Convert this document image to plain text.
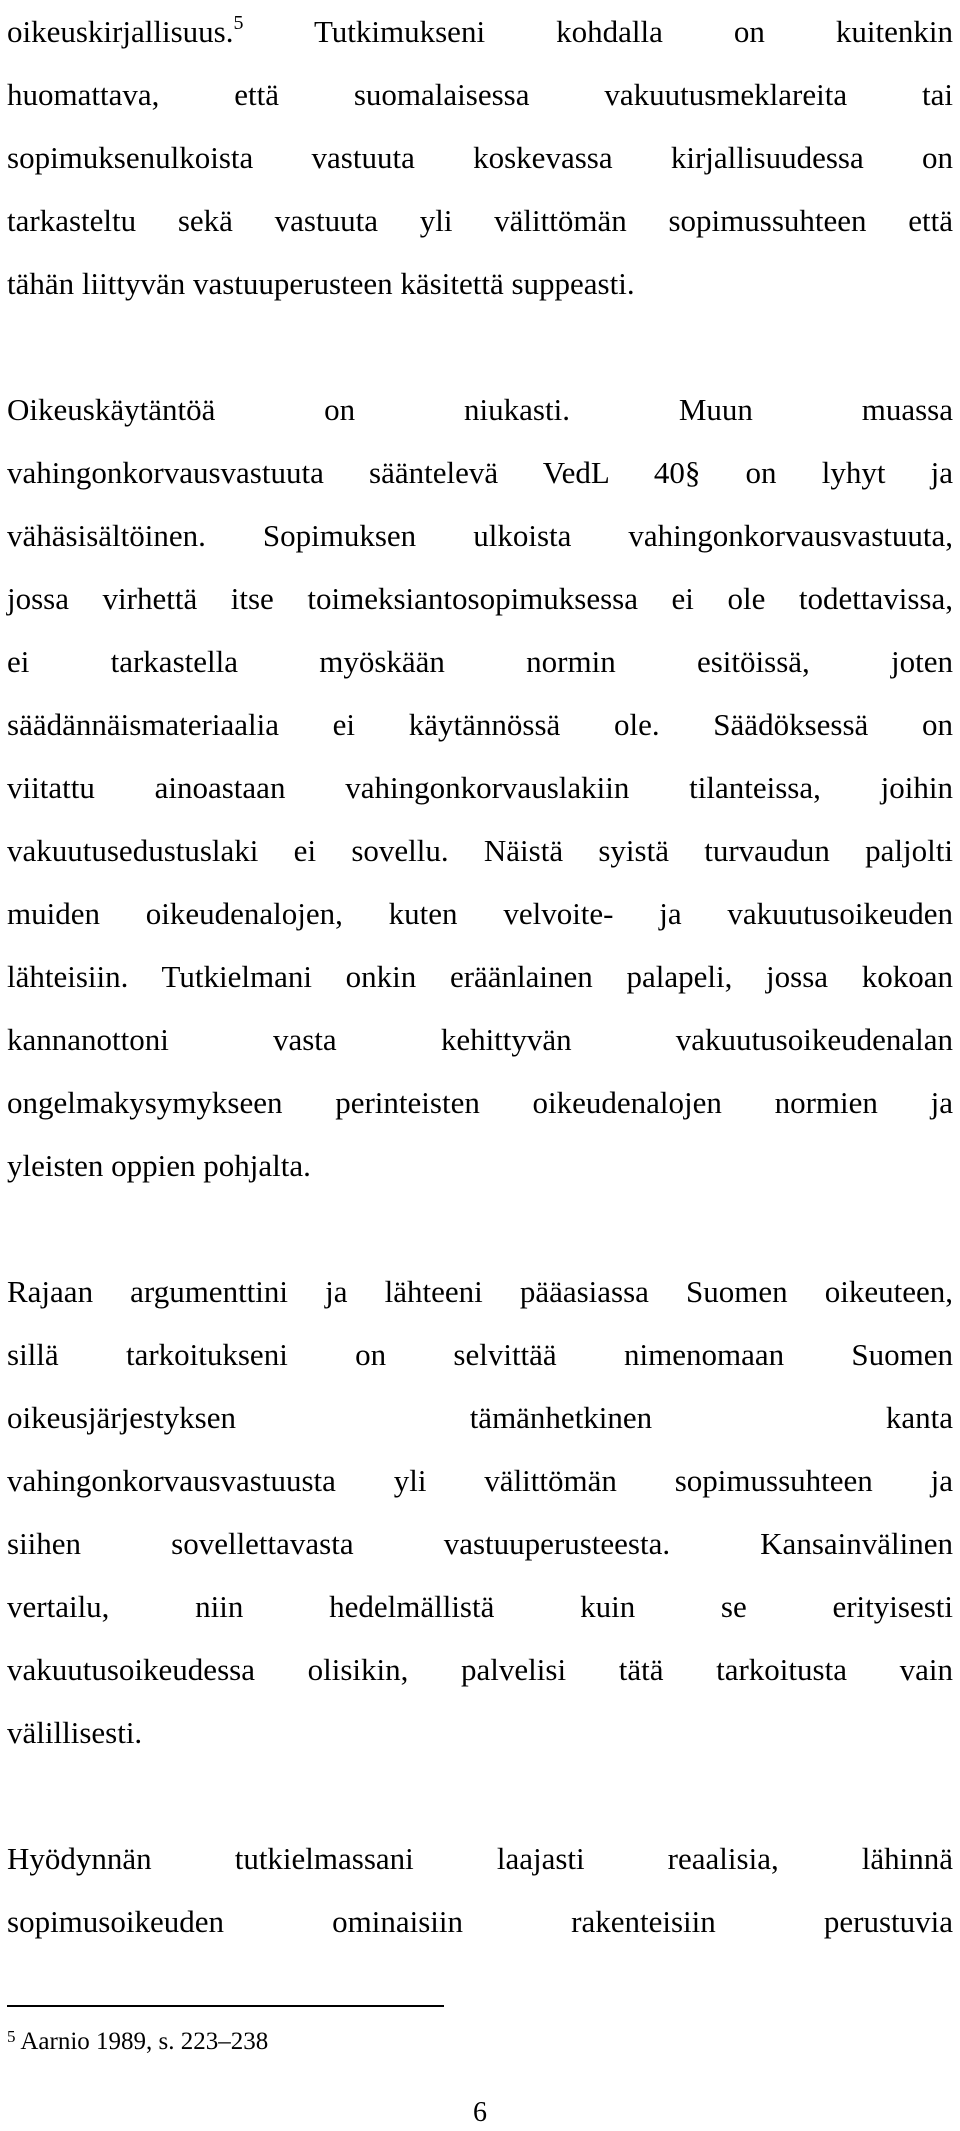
oikeuskirjallisuus.$^5$ Tutkimukseni kohdalla on kuitenkin
huomattava, että suomalaisessa vakuutusmeklareita tai
sopimuksenulkoista vastuuta koskevassa kirjallisuudessa on
tarkasteltu sekä vastuuta yli välittömän sopimussuhteen että
tähän liittyvän vastuuperusteen käsitettä suppeasti.
Oikeuskäytäntöä on niukasti. Muun muassa
vahingonkorvausvastuuta sääntelevä VedL 40§ on lyhyt ja
vähäsisältöinen. Sopimuksen ulkoista vahingonkorvausvastuuta,
jossa virhettä itse toimeksiantosopimuksessa ei ole todettavissa,
ei tarkastella myöskään normin esitöissä, joten
säädännäismateriaalia ei käytännössä ole. Säädöksessä on
viitattu ainoastaan vahingonkorvauslakiin tilanteissa, joihin
vakuutusedustuslaki ei sovellu. Näistä syistä turvaudun paljolti
muiden oikeudenalojen, kuten velvoite- ja vakuutusoikeuden
lähteisiin. Tutkielmani onkin eräänlainen palapeli, jossa kokoan
kannanottoni vasta kehittyvän vakuutusoikeudenalan
ongelmakysymykseen perinteisten oikeudenalojen normien ja
yleisten oppien pohjalta.
Rajaan argumenttini ja lähteeni pääasiassa Suomen oikeuteen,
sillä tarkoitukseni on selvittää nimenomaan Suomen
oikeusjärjestyksen tämänhetkinen kanta
vahingonkorvausvastuusta yli välittömän sopimussuhteen ja
siihen sovellettavasta vastuuperusteesta. Kansainvälinen
vertailu, niin hedelmällistä kuin se erityisesti
vakuutusoikeudessa olisikin, palvelisi tätä tarkoitusta vain
välillisesti.
Hyödynnän tutkielmassani laajasti reaalisia, lähinnä
sopimusoikeuden ominaisiin rakenteisiin perustuvia
$^5$ Aarnio 1989, s. 223–238
6
